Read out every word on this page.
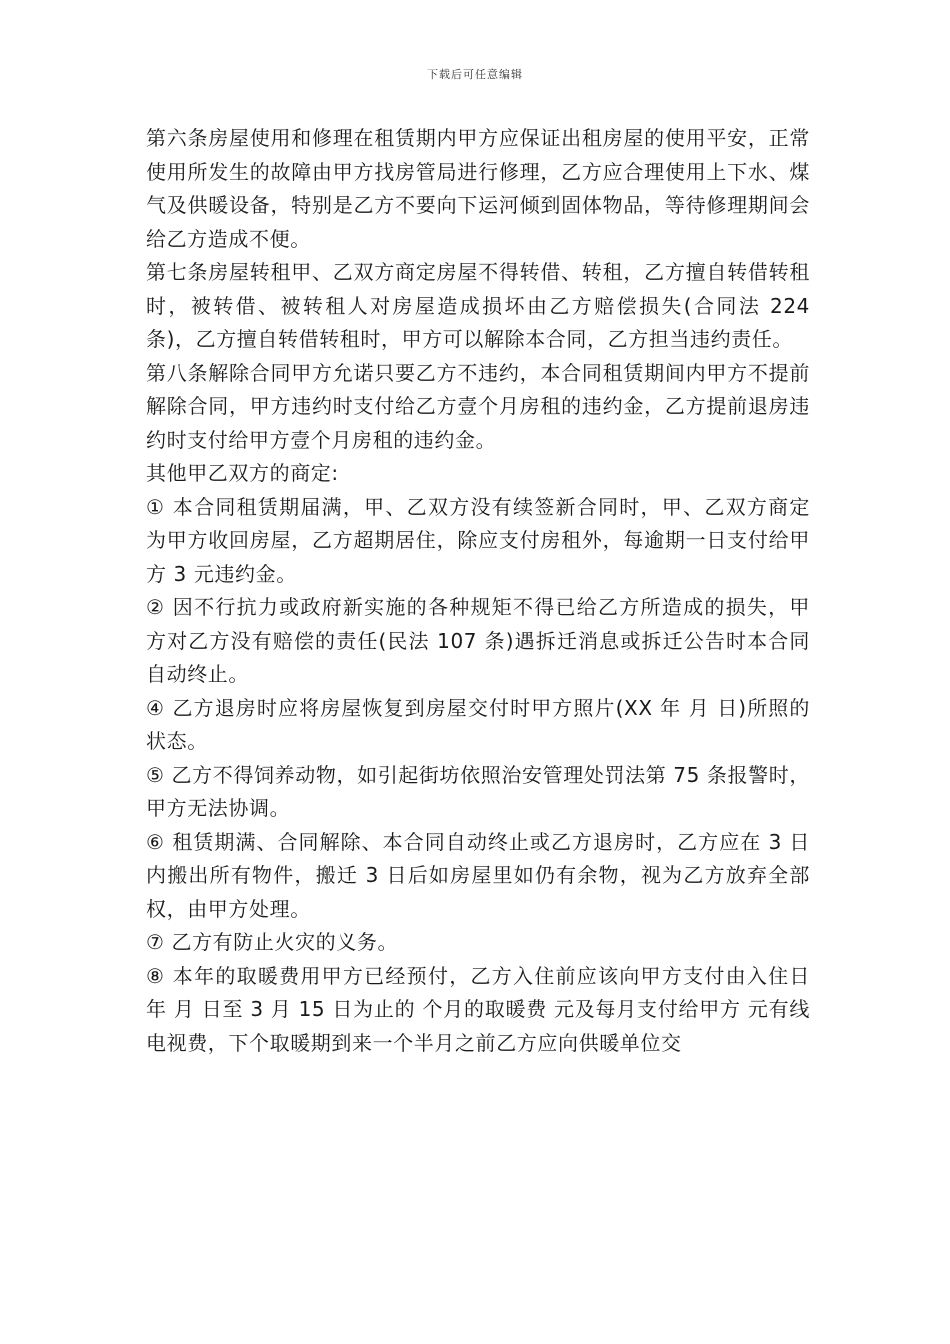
下载后可任意编辑

第六条房屋使用和修理在租赁期内甲方应保证出租房屋的使用平安，正常使用所发生的故障由甲方找房管局进行修理，乙方应合理使用上下水、煤气及供暖设备，特别是乙方不要向下运河倾到固体物品，等待修理期间会给乙方造成不便。

第七条房屋转租甲、乙双方商定房屋不得转借、转租，乙方擅自转借转租时，被转借、被转租人对房屋造成损坏由乙方赔偿损失(合同法 224 条)，乙方擅自转借转租时，甲方可以解除本合同，乙方担当违约责任。

第八条解除合同甲方允诺只要乙方不违约，本合同租赁期间内甲方不提前解除合同，甲方违约时支付给乙方壹个月房租的违约金，乙方提前退房违约时支付给甲方壹个月房租的违约金。

其他甲乙双方的商定:

① 本合同租赁期届满，甲、乙双方没有续签新合同时，甲、乙双方商定为甲方收回房屋，乙方超期居住，除应支付房租外，每逾期一日支付给甲方 3 元违约金。

② 因不行抗力或政府新实施的各种规矩不得已给乙方所造成的损失，甲方对乙方没有赔偿的责任(民法 107 条)遇拆迁消息或拆迁公告时本合同自动终止。

④ 乙方退房时应将房屋恢复到房屋交付时甲方照片(XX 年 月 日)所照的状态。

⑤ 乙方不得饲养动物，如引起街坊依照治安管理处罚法第 75 条报警时，甲方无法协调。

⑥ 租赁期满、合同解除、本合同自动终止或乙方退房时，乙方应在 3 日内搬出所有物件，搬迁 3 日后如房屋里如仍有余物，视为乙方放弃全部权，由甲方处理。

⑦ 乙方有防止火灾的义务。

⑧ 本年的取暖费用甲方已经预付，乙方入住前应该向甲方支付由入住日 年 月 日至 3 月 15 日为止的 个月的取暖费 元及每月支付给甲方 元有线电视费，下个取暖期到来一个半月之前乙方应向供暖单位交
